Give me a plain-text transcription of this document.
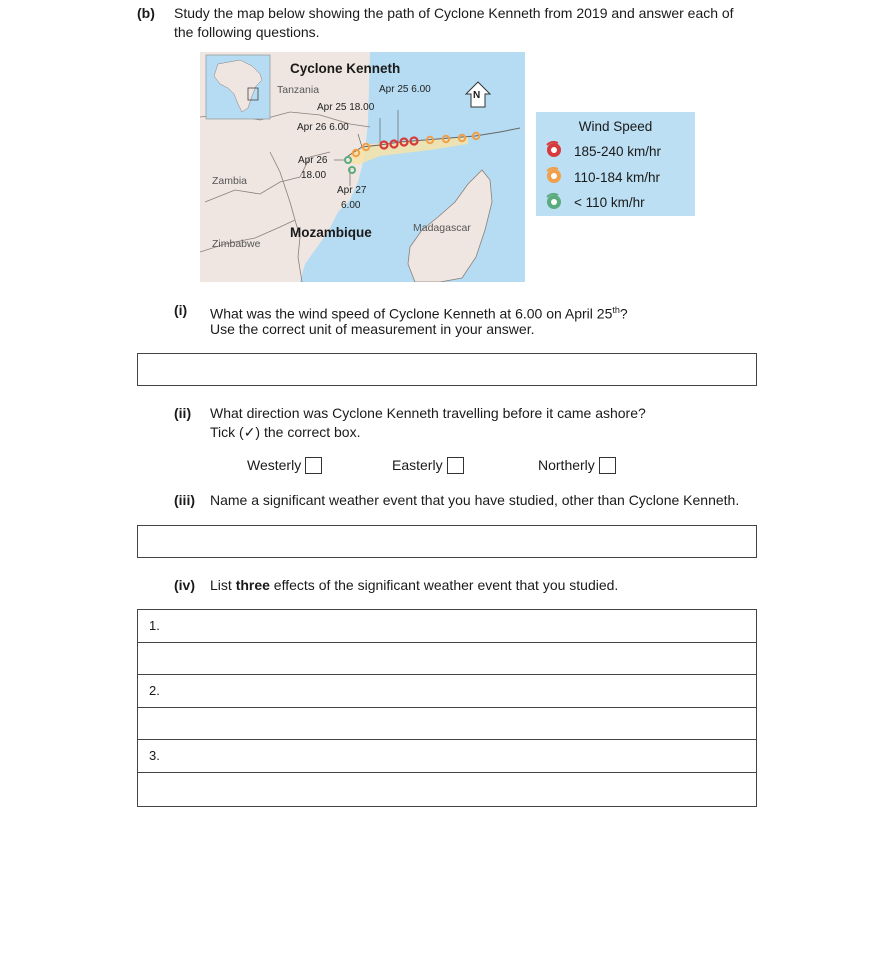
(b) Study the map below showing the path of Cyclone Kenneth from 2019 and answer each of
the following questions.
Cyclone Kenneth
Tanzania	Apr 25 6.00
Apr 25 18.00
Apr 26 6.00
Apr 26
18.00
Apr 27
6.00
Zambia
Zimbabwe
Mozambique	Madagascar
N
Wind Speed
185-240 km/hr
110-184 km/hr
< 110 km/hr
(i) What was the wind speed of Cyclone Kenneth at 6.00 on April 25th?
Use the correct unit of measurement in your answer.
(ii) What direction was Cyclone Kenneth travelling before it came ashore?
Tick (✓) the correct box.
Westerly	Easterly	Northerly
(iii) Name a significant weather event that you have studied, other than Cyclone Kenneth.
(iv) List three effects of the significant weather event that you studied.
1.
2.
3.
